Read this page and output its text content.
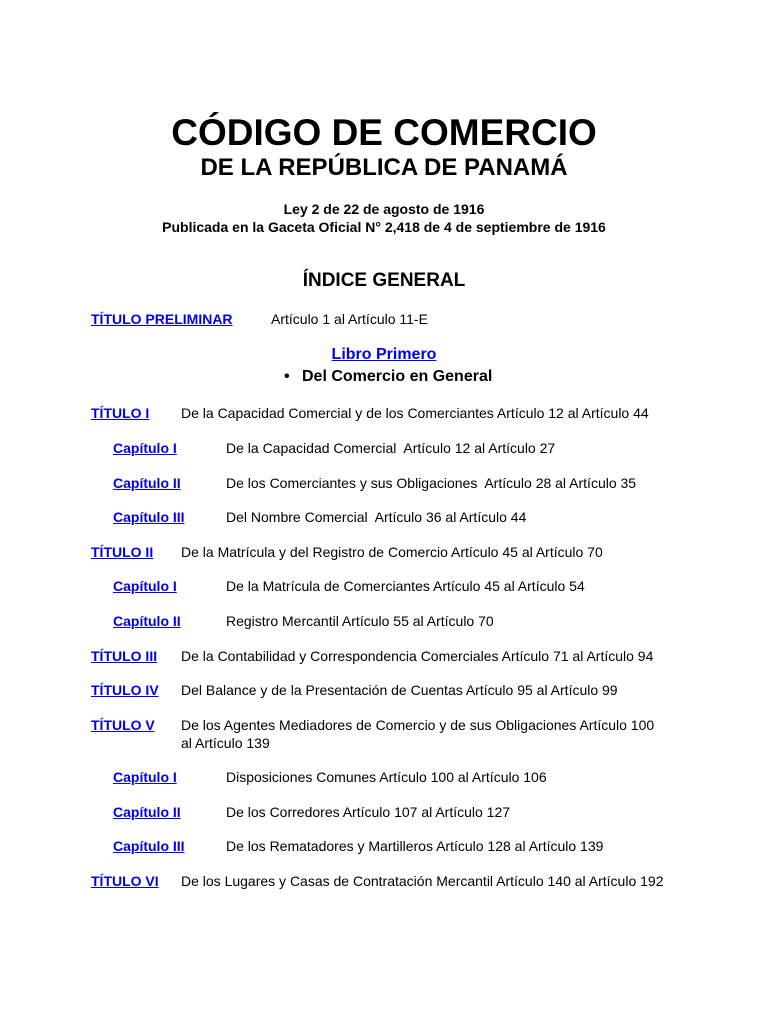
CÓDIGO DE COMERCIO
DE LA REPÚBLICA DE PANAMÁ
Ley 2 de 22 de agosto de 1916
Publicada en la Gaceta Oficial N° 2,418 de 4 de septiembre de 1916
ÍNDICE GENERAL
TÍTULO PRELIMINAR	Artículo 1 al Artículo 11-E
Libro Primero
• Del Comercio en General
TÍTULO I De la Capacidad Comercial y de los Comerciantes Artículo 12 al Artículo 44
Capítulo I	De la Capacidad Comercial  Artículo 12 al Artículo 27
Capítulo II	De los Comerciantes y sus Obligaciones  Artículo 28 al Artículo 35
Capítulo III	Del Nombre Comercial  Artículo 36 al Artículo 44
TÍTULO II De la Matrícula y del Registro de Comercio Artículo 45 al Artículo 70
Capítulo I	De la Matrícula de Comerciantes Artículo 45 al Artículo 54
Capítulo II	Registro Mercantil Artículo 55 al Artículo 70
TÍTULO III De la Contabilidad y Correspondencia Comerciales Artículo 71 al Artículo 94
TÍTULO IV Del Balance y de la Presentación de Cuentas Artículo 95 al Artículo 99
TÍTULO V De los Agentes Mediadores de Comercio y de sus Obligaciones Artículo 100
al Artículo 139
Capítulo I	Disposiciones Comunes Artículo 100 al Artículo 106
Capítulo II	De los Corredores Artículo 107 al Artículo 127
Capítulo III	De los Rematadores y Martilleros Artículo 128 al Artículo 139
TÍTULO VI De los Lugares y Casas de Contratación Mercantil Artículo 140 al Artículo 192
